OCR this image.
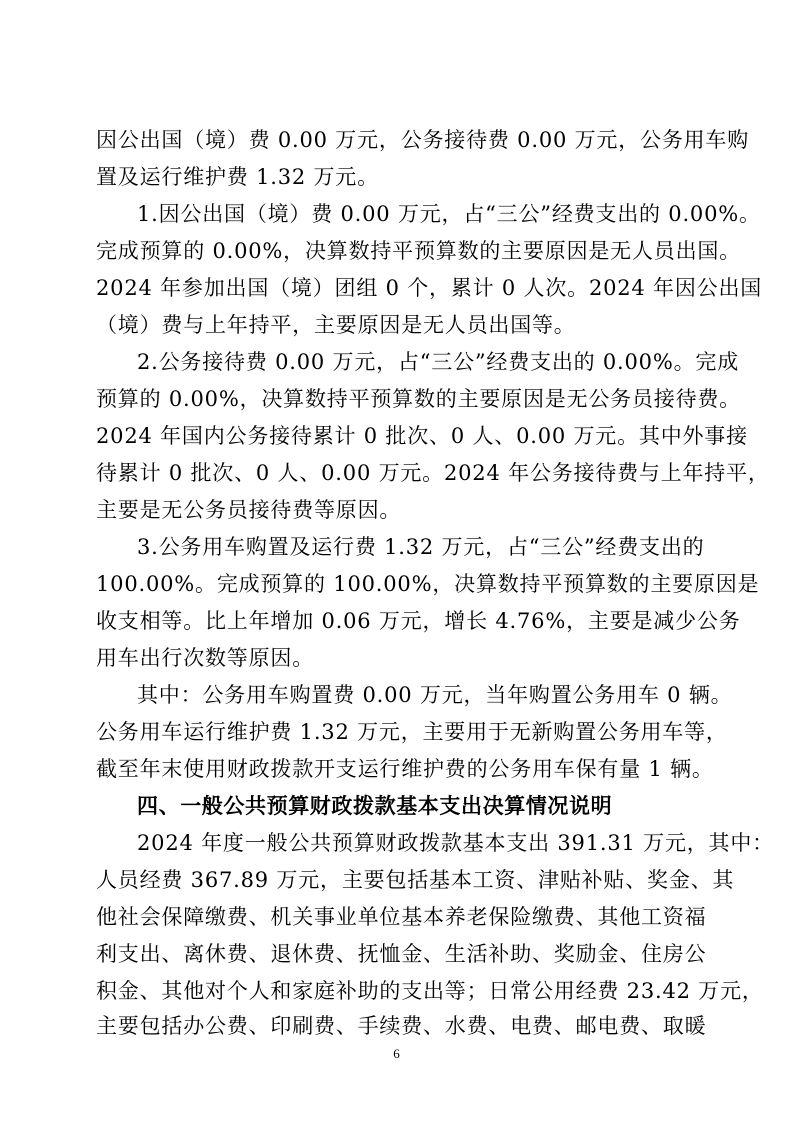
因公出国（境）费 0.00 万元，公务接待费 0.00 万元，公务用车购
置及运行维护费 1.32 万元。
1.因公出国（境）费 0.00 万元，占“三公”经费支出的 0.00%。
完成预算的 0.00%，决算数持平预算数的主要原因是无人员出国。
2024 年参加出国（境）团组 0 个，累计 0 人次。2024 年因公出国
（境）费与上年持平，主要原因是无人员出国等。
2.公务接待费 0.00 万元，占“三公”经费支出的 0.00%。完成
预算的 0.00%，决算数持平预算数的主要原因是无公务员接待费。
2024 年国内公务接待累计 0 批次、0 人、0.00 万元。其中外事接
待累计 0 批次、0 人、0.00 万元。2024 年公务接待费与上年持平，
主要是无公务员接待费等原因。
3.公务用车购置及运行费 1.32 万元，占“三公”经费支出的
100.00%。完成预算的 100.00%，决算数持平预算数的主要原因是
收支相等。比上年增加 0.06 万元，增长 4.76%，主要是减少公务
用车出行次数等原因。
其中：公务用车购置费 0.00 万元，当年购置公务用车 0 辆。
公务用车运行维护费 1.32 万元，主要用于无新购置公务用车等，
截至年末使用财政拨款开支运行维护费的公务用车保有量 1 辆。
四、一般公共预算财政拨款基本支出决算情况说明
2024 年度一般公共预算财政拨款基本支出 391.31 万元，其中：
人员经费 367.89 万元，主要包括基本工资、津贴补贴、奖金、其
他社会保障缴费、机关事业单位基本养老保险缴费、其他工资福
利支出、离休费、退休费、抚恤金、生活补助、奖励金、住房公
积金、其他对个人和家庭补助的支出等；日常公用经费 23.42 万元，
主要包括办公费、印刷费、手续费、水费、电费、邮电费、取暖
6
